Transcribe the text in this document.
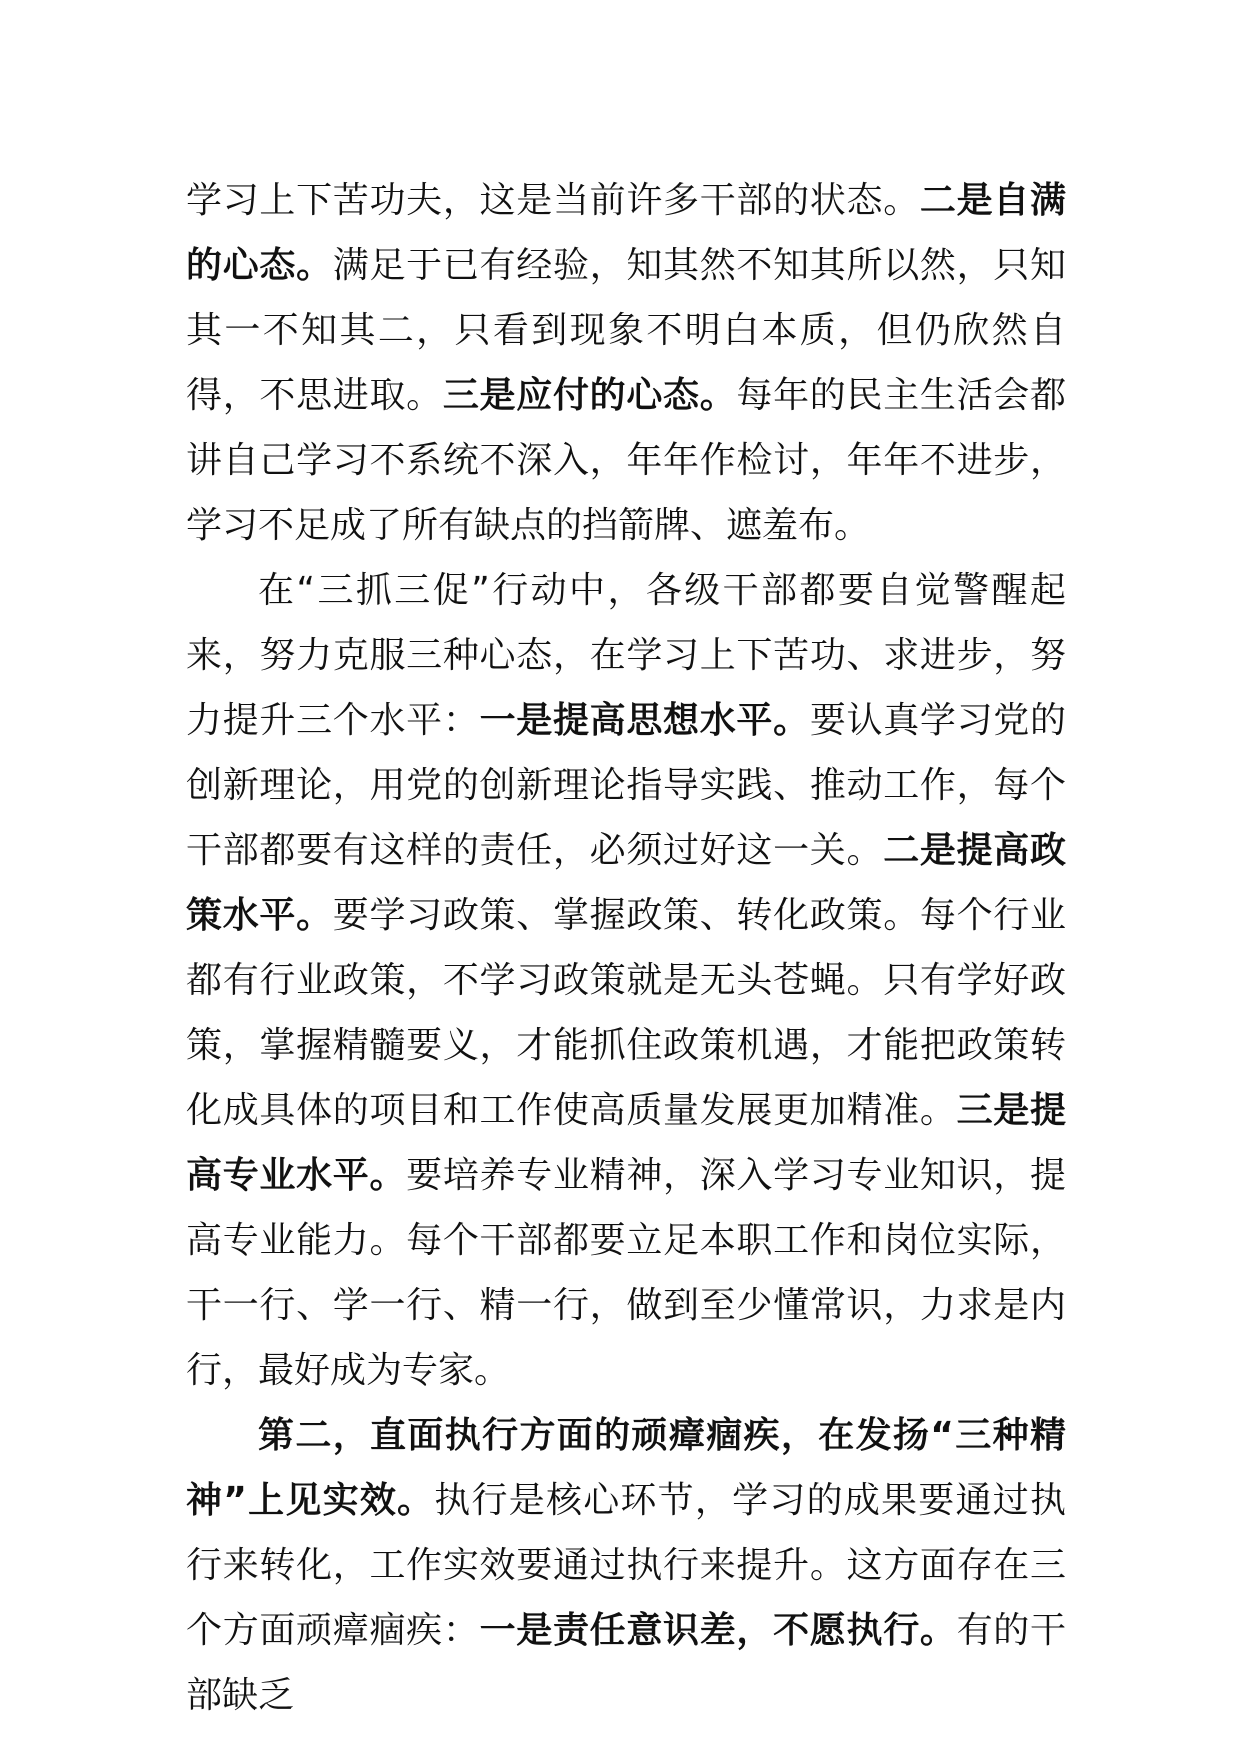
学习上下苦功夫，这是当前许多干部的状态。二是自满的心态。满足于已有经验，知其然不知其所以然，只知其一不知其二，只看到现象不明白本质，但仍欣然自得，不思进取。三是应付的心态。每年的民主生活会都讲自己学习不系统不深入，年年作检讨，年年不进步，学习不足成了所有缺点的挡箭牌、遮羞布。

在“三抓三促”行动中，各级干部都要自觉警醒起来，努力克服三种心态，在学习上下苦功、求进步，努力提升三个水平：一是提高思想水平。要认真学习党的创新理论，用党的创新理论指导实践、推动工作，每个干部都要有这样的责任，必须过好这一关。二是提高政策水平。要学习政策、掌握政策、转化政策。每个行业都有行业政策，不学习政策就是无头苍蝇。只有学好政策，掌握精髓要义，才能抓住政策机遇，才能把政策转化成具体的项目和工作使高质量发展更加精准。三是提高专业水平。要培养专业精神，深入学习专业知识，提高专业能力。每个干部都要立足本职工作和岗位实际，干一行、学一行、精一行，做到至少懂常识，力求是内行，最好成为专家。

第二，直面执行方面的顽瘴痼疾，在发扬“三种精神”上见实效。执行是核心环节，学习的成果要通过执行来转化，工作实效要通过执行来提升。这方面存在三个方面顽瘴痼疾：一是责任意识差，不愿执行。有的干部缺乏
